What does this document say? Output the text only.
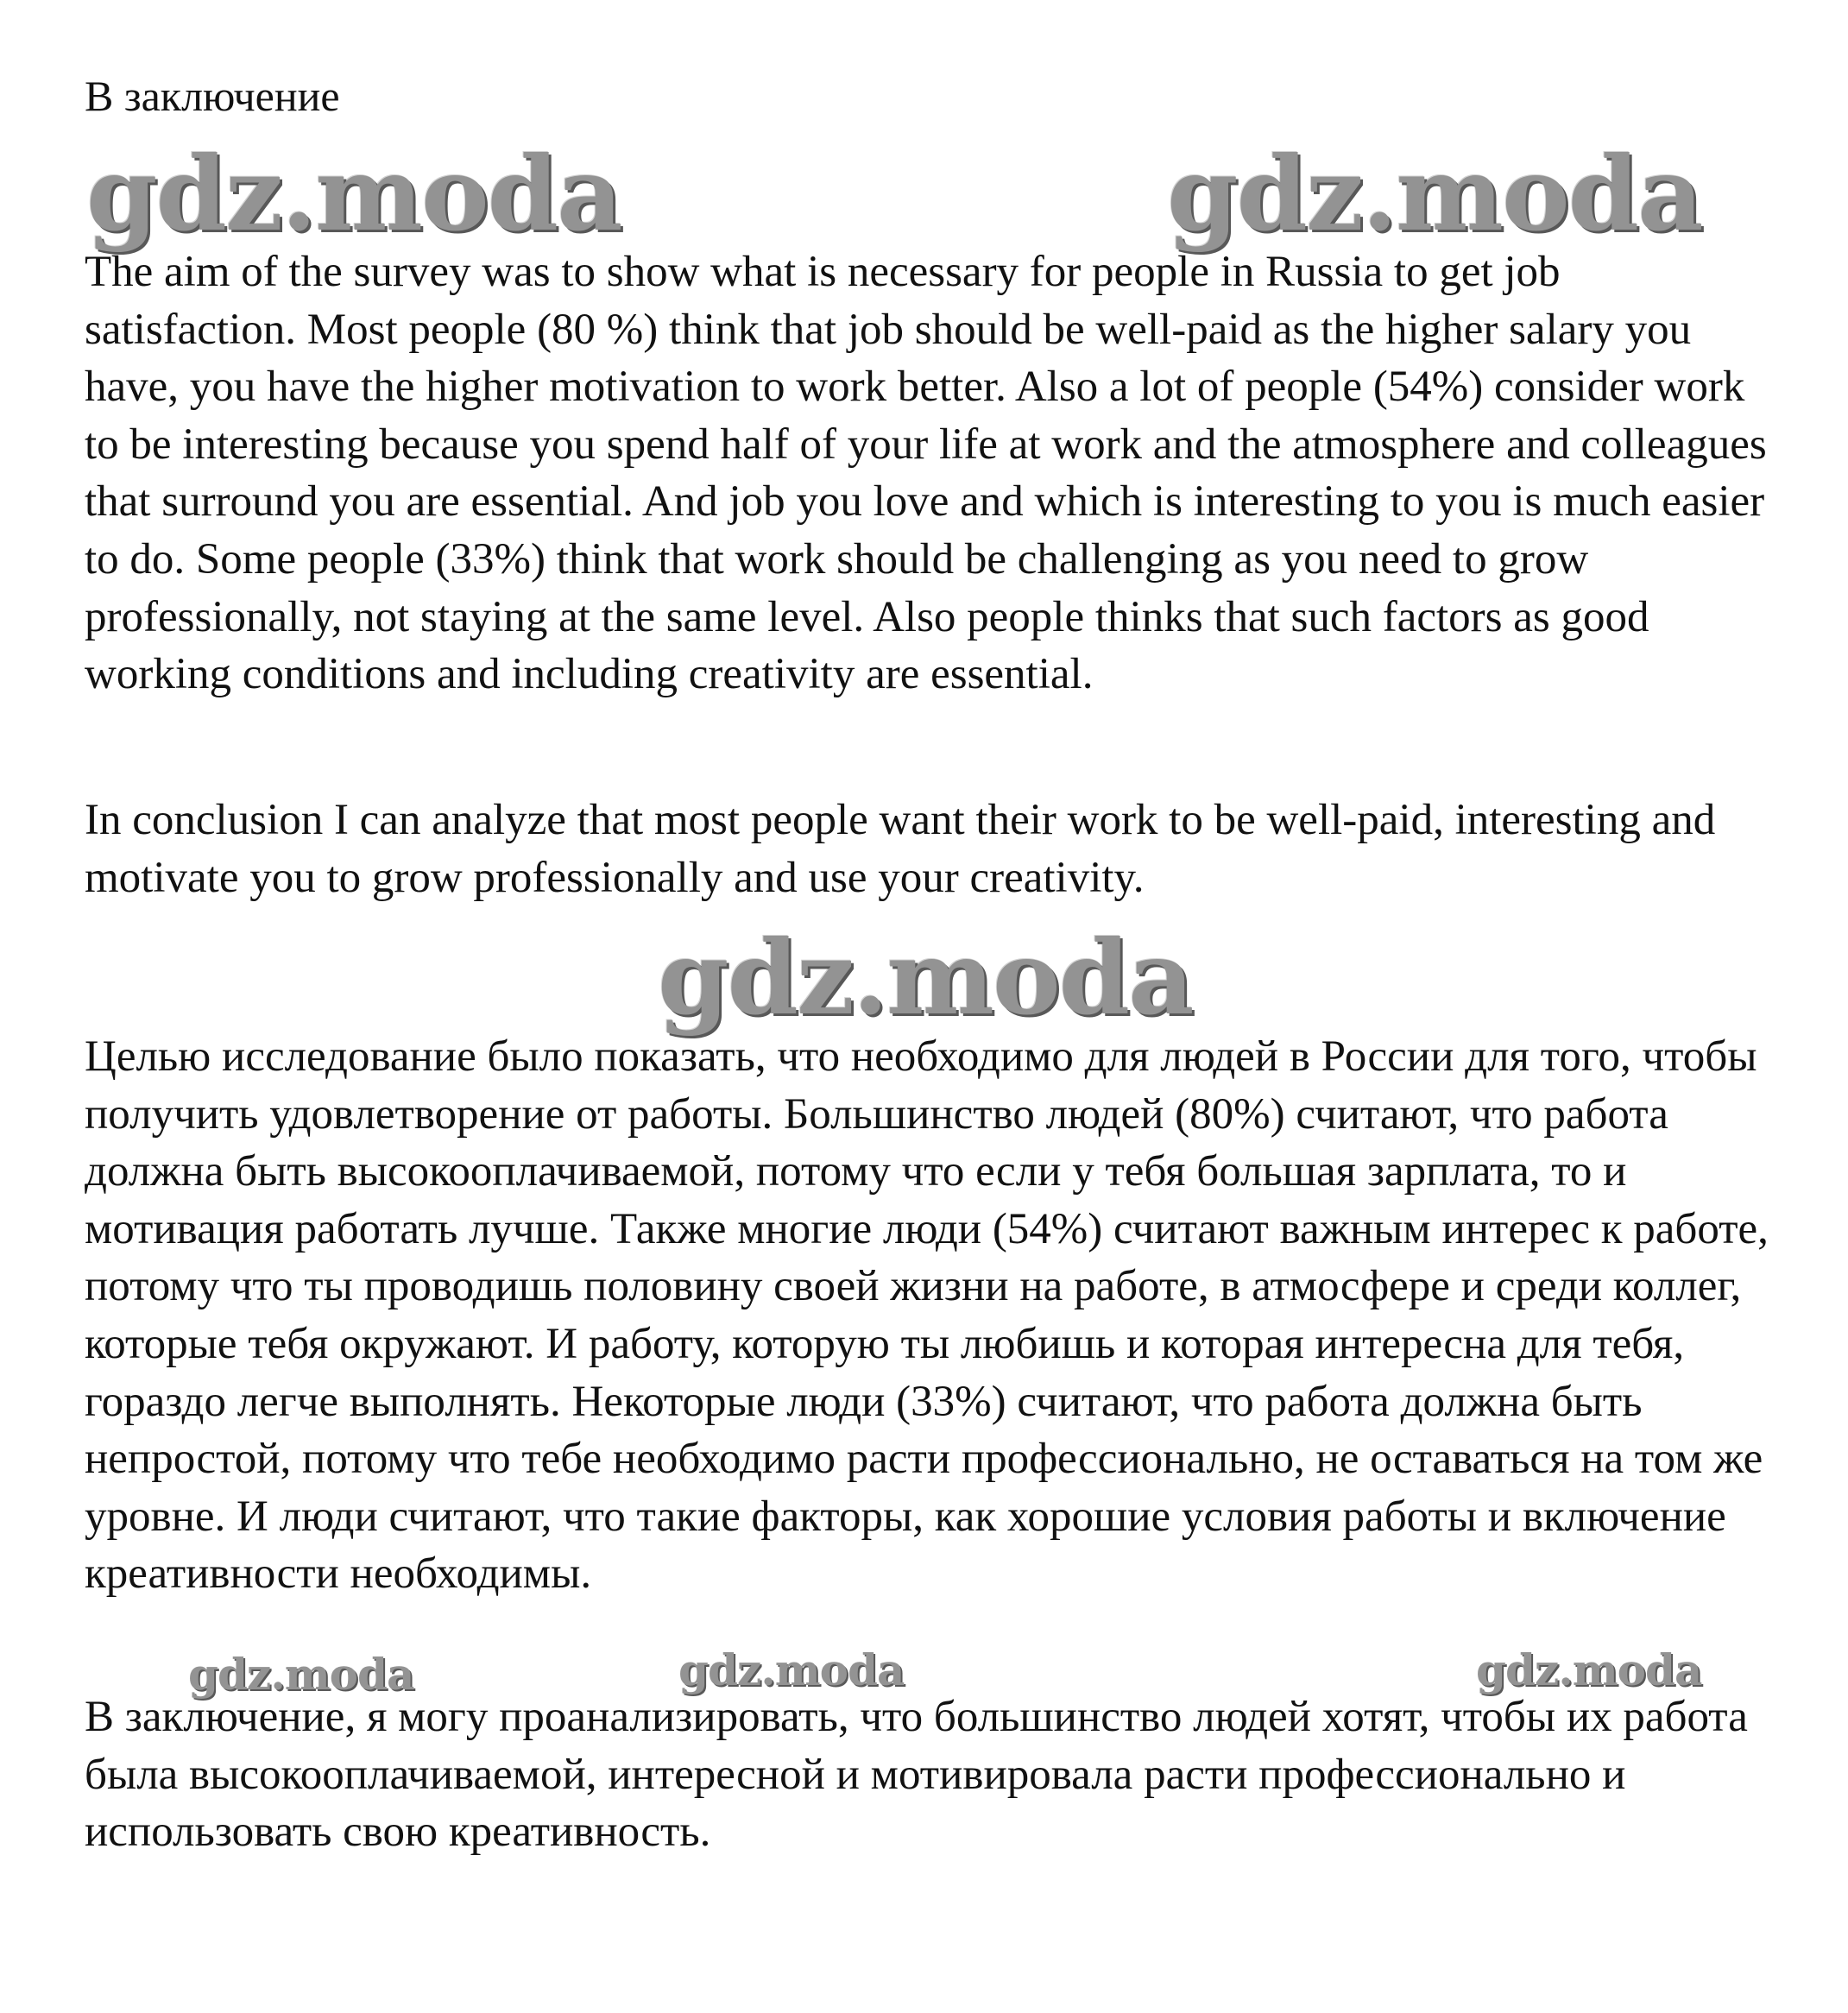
В заключение
gdz.moda	gdz.moda

The aim of the survey was to show what is necessary for people in Russia to get job satisfaction. Most people (80 %) think that job should be well-paid as the higher salary you have, you have the higher motivation to work better. Also a lot of people (54%) consider work to be interesting because you spend half of your life at work and the atmosphere and colleagues that surround you are essential. And job you love and which is interesting to you is much easier to do. Some people (33%) think that work should be challenging as you need to grow professionally, not staying at the same level. Also people thinks that such factors as good working conditions and including creativity are essential.

In conclusion I can analyze that most people want their work to be well-paid, interesting and motivate you to grow professionally and use your creativity.

gdz.moda

Целью исследование было показать, что необходимо для людей в России для того, чтобы получить удовлетворение от работы. Большинство людей (80%) считают, что работа должна быть высокооплачиваемой, потому что если у тебя большая зарплата, то и мотивация работать лучше. Также многие люди (54%) считают важным интерес к работе, потому что ты проводишь половину своей жизни на работе, в атмосфере и среди коллег, которые тебя окружают. И работу, которую ты любишь и которая интересна для тебя, гораздо легче выполнять. Некоторые люди (33%) считают, что работа должна быть непростой, потому что тебе необходимо расти профессионально, не оставаться на том же уровне. И люди считают, что такие факторы, как хорошие условия работы и включение креативности необходимы.

gdz.moda	gdz.moda	gdz.moda

В заключение, я могу проанализировать, что большинство людей хотят, чтобы их работа была высокооплачиваемой, интересной и мотивировала расти профессионально и использовать свою креативность.
